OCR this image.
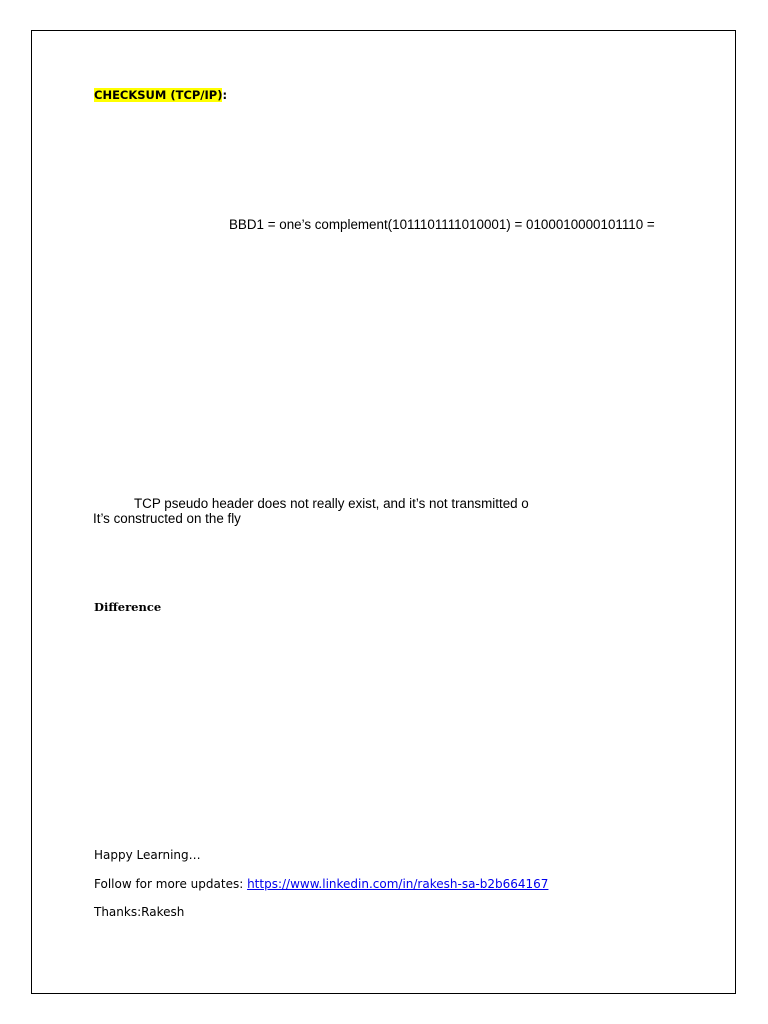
CHECKSUM (TCP/IP):
BBD1 = one’s complement(1011101111010001) = 0100010000101110 =
TCP pseudo header does not really exist, and it’s not transmitted o
It’s constructed on the fly
Difference
Happy Learning…
Follow for more updates: https://www.linkedin.com/in/rakesh-sa-b2b664167
Thanks:Rakesh
